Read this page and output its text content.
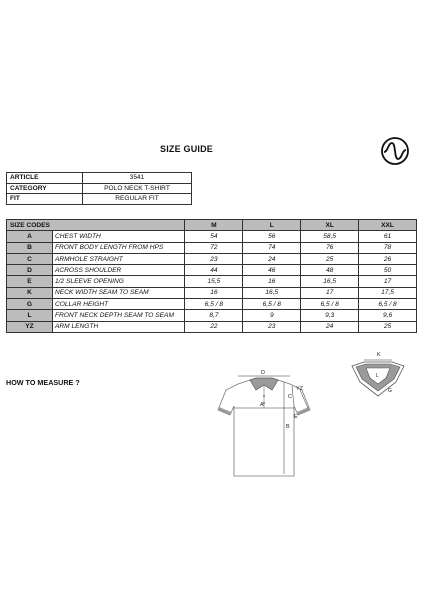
SIZE GUIDE
ARTICLE	3541
CATEGORY	POLO NECK T-SHIRT
FIT	REGULAR FIT
SIZE CODES		M	L	XL	XXL
A	CHEST WIDTH	54	56	58,5	61
B	FRONT BODY LENGTH FROM HPS	72	74	76	78
C	ARMHOLE STRAIGHT	23	24	25	26
D	ACROSS SHOULDER	44	46	48	50
E	1/2 SLEEVE OPENING	15,5	16	16,5	17
K	NECK WIDTH SEAM TO SEAM	16	16,5	17	17,5
G	COLLAR HEIGHT	6,5 / 8	6,5 / 8	6,5 / 8	6,5 / 8
L	FRONT NECK DEPTH SEAM TO SEAM	8,7	9	9,3	9,6
YZ	ARM LENGTH	22	23	24	25
HOW TO MEASURE ?
D
A
B
C
E
YZ
K
L
G
